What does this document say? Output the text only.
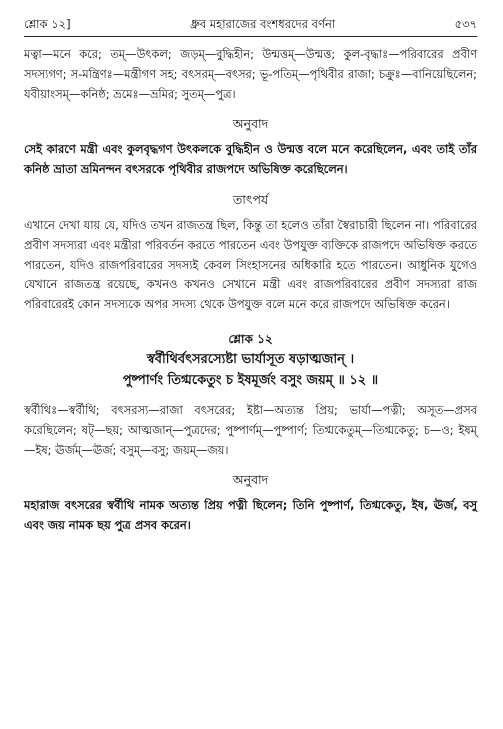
শ্লোক ১২]	ধ্রুব মহারাজের বংশধরদের বর্ণনা	৫৩৭

মত্বা—মনে করে; তম্—উৎকল; জড়ম্—বুদ্ধিহীন; উন্মত্তম্—উন্মত্ত; কুল-বৃদ্ধাঃ—পরিবারের প্রবীণ সদস্যগণ; স-মন্ত্রিণঃ—মন্ত্রীগণ সহ; বৎসরম্—বৎসর; ভূ-পতিম্—পৃথিবীর রাজা; চক্রুঃ—বানিয়েছিলেন; যবীয়াংসম্—কনিষ্ঠ; ভ্রমেঃ—ভ্রমির; সুতম্—পুত্র।

অনুবাদ

সেই কারণে মন্ত্রী এবং কুলবৃদ্ধগণ উৎকলকে বুদ্ধিহীন ও উন্মত্ত বলে মনে করেছিলেন, এবং তাই তাঁর কনিষ্ঠ ভ্রাতা ভ্রমিনন্দন বৎসরকে পৃথিবীর রাজপদে অভিষিক্ত করেছিলেন।

তাৎপর্য

এখানে দেখা যায় যে, যদিও তখন রাজতন্ত্র ছিল, কিন্তু তা হলেও তাঁরা স্বৈরাচারী ছিলেন না। পরিবারের প্রবীণ সদস্যরা এবং মন্ত্রীরা পরিবর্তন করতে পারতেন এবং উপযুক্ত ব্যক্তিকে রাজপদে অভিষিক্ত করতে পারতেন, যদিও রাজপরিবারের সদস্যই কেবল সিংহাসনের অধিকারি হতে পারতেন। আধুনিক যুগেও যেখানে রাজতন্ত্র রয়েছে, কখনও কখনও সেখানে মন্ত্রী এবং রাজপরিবারের প্রবীণ সদস্যরা রাজ পরিবারেরই কোন সদস্যকে অপর সদস্য থেকে উপযুক্ত বলে মনে করে রাজপদে অভিষিক্ত করেন।

শ্লোক ১২
স্বর্বীথির্বৎসরস্যেষ্টা ভার্যাসূত ষড়াত্মজান্ ।
পুষ্পার্ণং তিগ্মকেতুং চ ইষমূর্জং বসুং জয়ম্ ॥ ১২ ॥

স্বর্বীথিঃ—স্বর্বীথি; বৎসরস্য—রাজা বৎসরের; ইষ্টা—অত্যন্ত প্রিয়; ভার্যা—পত্নী; অসূত—প্রসব করেছিলেন; ষট্—ছয়; আত্মজান্—পুত্রদের; পুষ্পার্ণম্—পুষ্পার্ণ; তিগ্মকেতুম্—তিগ্মকেতু; চ—ও; ইষম্—ইষ; ঊর্জম্—ঊর্জ; বসুম্—বসু; জয়ম্—জয়।

অনুবাদ

মহারাজ বৎসরের স্বর্বীথি নামক অত্যন্ত প্রিয় পত্নী ছিলেন; তিনি পুষ্পার্ণ, তিগ্মকেতু, ইষ, ঊর্জ, বসু এবং জয় নামক ছয় পুত্র প্রসব করেন।
